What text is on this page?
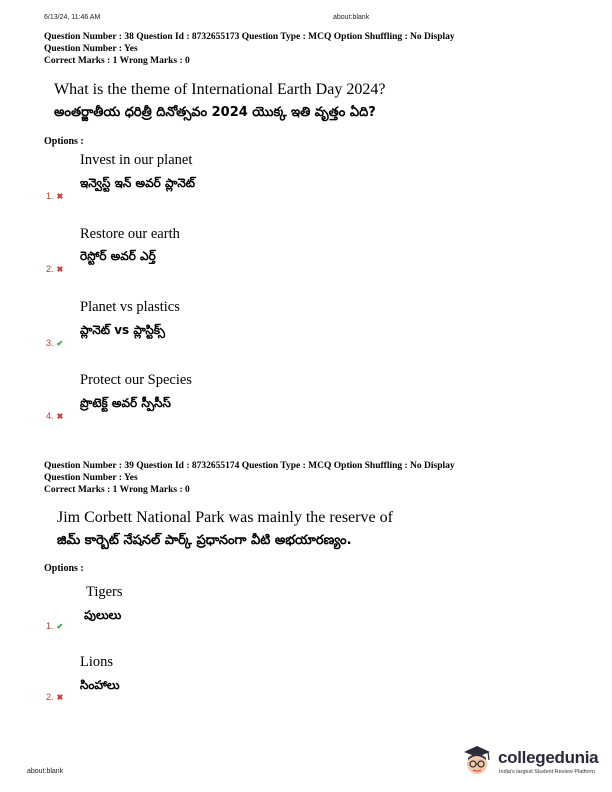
6/13/24, 11:46 AM	about:blank
Question Number : 38 Question Id : 8732655173 Question Type : MCQ Option Shuffling : No Display
Question Number : Yes
Correct Marks : 1 Wrong Marks : 0
What is the theme of International Earth Day 2024?
అంతర్జాతీయ ధరిత్రీ దినోత్సవం 2024 యొక్క ఇతి వృత్తం ఏది?
Options :
Invest in our planet
ఇన్వెస్ట్ ఇన్ అవర్ ప్లానెట్
1. ✖
Restore our earth
రెస్టోర్ అవర్ ఎర్త్
2. ✖
Planet vs plastics
ప్లానెట్ vs ప్లాస్టిక్స్
3. ✔
Protect our Species
ప్రొటెక్ట్ అవర్ స్పీసీస్
4. ✖
Question Number : 39 Question Id : 8732655174 Question Type : MCQ Option Shuffling : No Display
Question Number : Yes
Correct Marks : 1 Wrong Marks : 0
Jim Corbett National Park was mainly the reserve of
జిమ్ కార్బెట్ నేషనల్ పార్క్ ప్రధానంగా వీటి అభయారణ్యం.
Options :
Tigers
పులులు
1. ✔
Lions
సింహాలు
2. ✖
about:blank
collegedunia
India's largest Student Review Platform
